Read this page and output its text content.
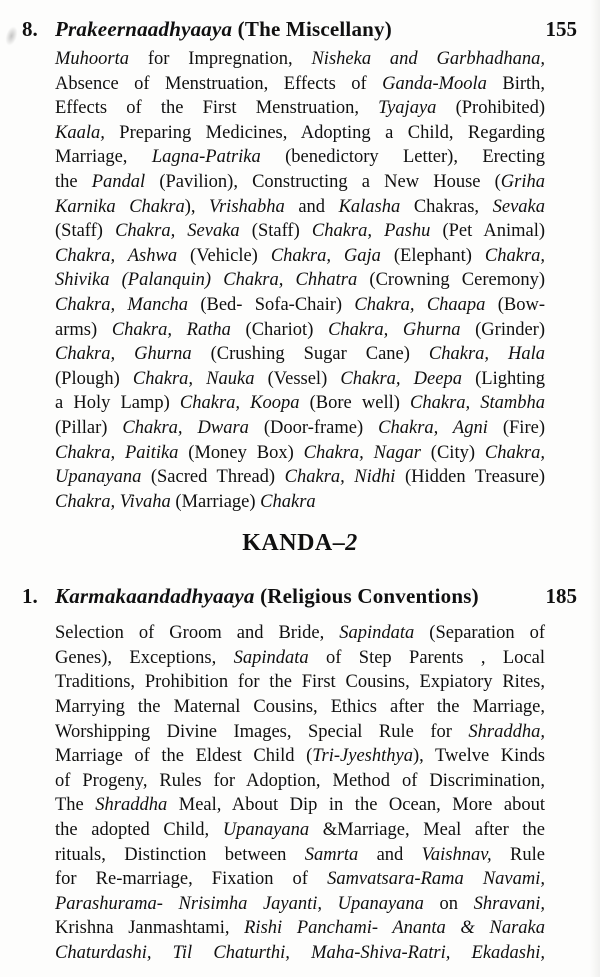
8. Prakeernaadhyaaya (The Miscellany)	155
Muhoorta for Impregnation, Nisheka and Garbhadhana,
Absence of Menstruation, Effects of Ganda-Moola Birth,
Effects of the First Menstruation, Tyajaya (Prohibited)
Kaala, Preparing Medicines, Adopting a Child, Regarding
Marriage, Lagna-Patrika (benedictory Letter), Erecting
the Pandal (Pavilion), Constructing a New House (Griha
Karnika Chakra), Vrishabha and Kalasha Chakras, Sevaka
(Staff) Chakra, Sevaka (Staff) Chakra, Pashu (Pet Animal)
Chakra, Ashwa (Vehicle) Chakra, Gaja (Elephant) Chakra,
Shivika (Palanquin) Chakra, Chhatra (Crowning Ceremony)
Chakra, Mancha (Bed- Sofa-Chair) Chakra, Chaapa (Bow-
arms) Chakra, Ratha (Chariot) Chakra, Ghurna (Grinder)
Chakra, Ghurna (Crushing Sugar Cane) Chakra, Hala
(Plough) Chakra, Nauka (Vessel) Chakra, Deepa (Lighting
a Holy Lamp) Chakra, Koopa (Bore well) Chakra, Stambha
(Pillar) Chakra, Dwara (Door-frame) Chakra, Agni (Fire)
Chakra, Paitika (Money Box) Chakra, Nagar (City) Chakra,
Upanayana (Sacred Thread) Chakra, Nidhi (Hidden Treasure)
Chakra, Vivaha (Marriage) Chakra
KANDA–2
1. Karmakaandadhyaaya (Religious Conventions)	185
Selection of Groom and Bride, Sapindata (Separation of
Genes), Exceptions, Sapindata of Step Parents , Local
Traditions, Prohibition for the First Cousins, Expiatory Rites,
Marrying the Maternal Cousins, Ethics after the Marriage,
Worshipping Divine Images, Special Rule for Shraddha,
Marriage of the Eldest Child (Tri-Jyeshthya), Twelve Kinds
of Progeny, Rules for Adoption, Method of Discrimination,
The Shraddha Meal, About Dip in the Ocean, More about
the adopted Child, Upanayana &Marriage, Meal after the
rituals, Distinction between Samrta and Vaishnav, Rule
for Re-marriage, Fixation of Samvatsara-Rama Navami,
Parashurama- Nrisimha Jayanti, Upanayana on Shravani,
Krishna Janmashtami, Rishi Panchami- Ananta & Naraka
Chaturdashi, Til Chaturthi, Maha-Shiva-Ratri, Ekadashi,
